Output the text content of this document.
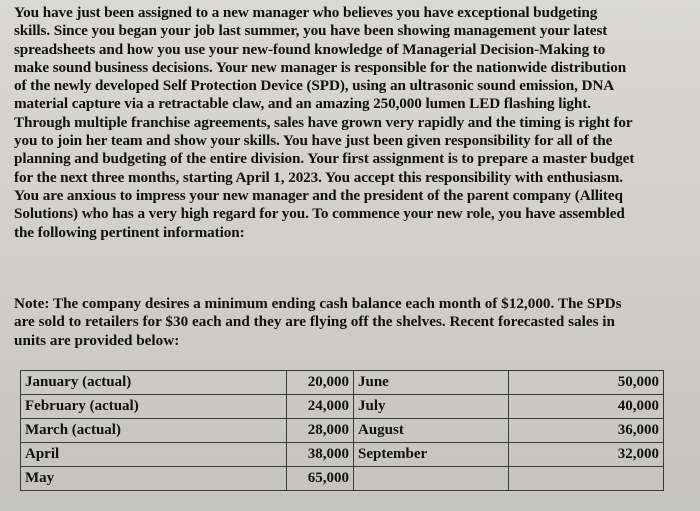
You have just been assigned to a new manager who believes you have exceptional budgeting
skills. Since you began your job last summer, you have been showing management your latest
spreadsheets and how you use your new-found knowledge of Managerial Decision-Making to
make sound business decisions. Your new manager is responsible for the nationwide distribution
of the newly developed Self Protection Device (SPD), using an ultrasonic sound emission, DNA
material capture via a retractable claw, and an amazing 250,000 lumen LED flashing light.
Through multiple franchise agreements, sales have grown very rapidly and the timing is right for
you to join her team and show your skills. You have just been given responsibility for all of the
planning and budgeting of the entire division. Your first assignment is to prepare a master budget
for the next three months, starting April 1, 2023. You accept this responsibility with enthusiasm.
You are anxious to impress your new manager and the president of the parent company (Alliteq
Solutions) who has a very high regard for you. To commence your new role, you have assembled
the following pertinent information:
Note: The company desires a minimum ending cash balance each month of $12,000. The SPDs
are sold to retailers for $30 each and they are flying off the shelves. Recent forecasted sales in
units are provided below:
January (actual)	20,000	June	50,000
February (actual)	24,000	July	40,000
March (actual)	28,000	August	36,000
April	38,000	September	32,000
May	65,000		
